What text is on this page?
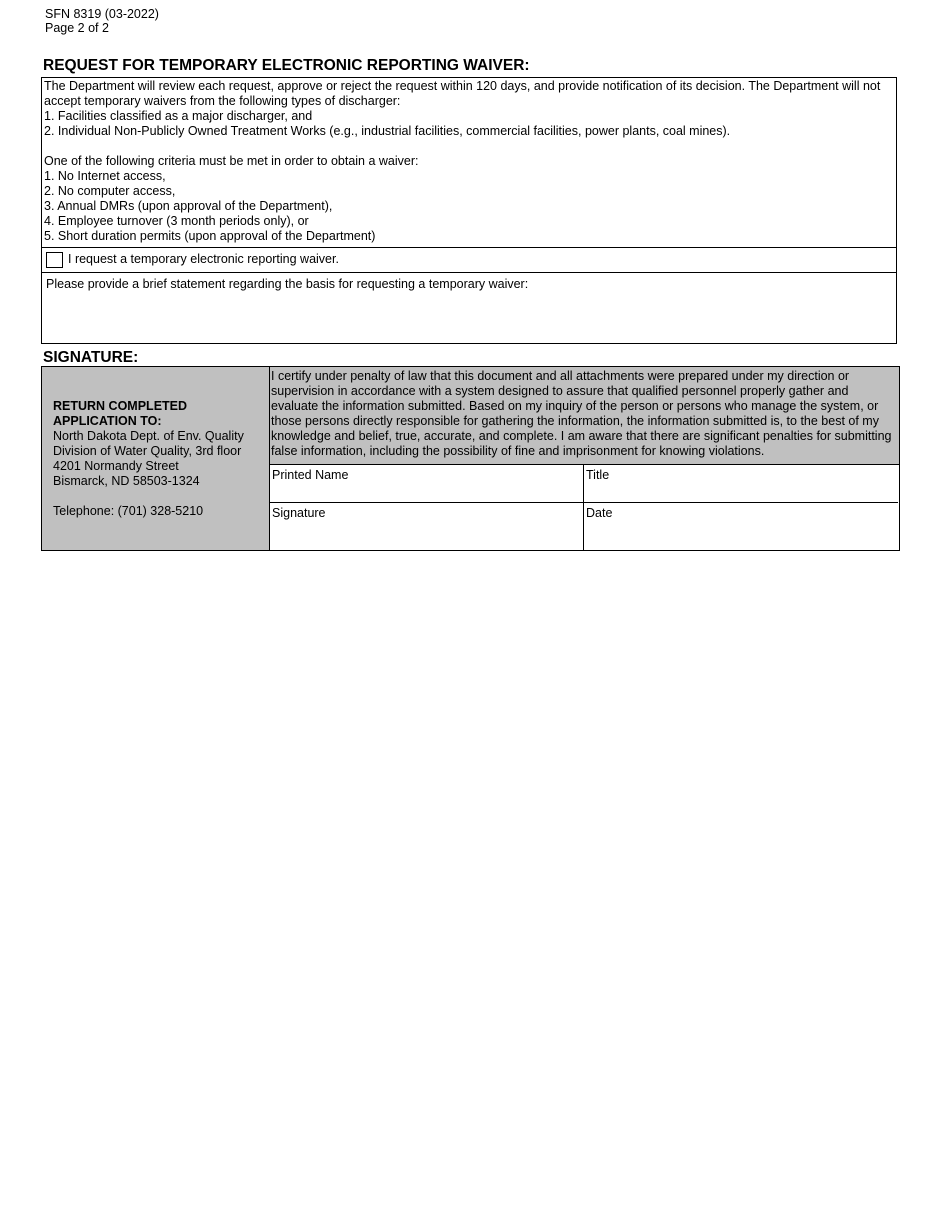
SFN 8319 (03-2022)
Page 2 of 2
REQUEST FOR TEMPORARY ELECTRONIC REPORTING WAIVER:
The Department will review each request, approve or reject the request within 120 days, and provide notification of its decision. The Department will not
accept temporary waivers from the following types of discharger:
1. Facilities classified as a major discharger, and
2. Individual Non-Publicly Owned Treatment Works (e.g., industrial facilities, commercial facilities, power plants, coal mines).
One of the following criteria must be met in order to obtain a waiver:
1. No Internet access,
2. No computer access,
3. Annual DMRs (upon approval of the Department),
4. Employee turnover (3 month periods only), or
5. Short duration permits (upon approval of the Department)
I request a temporary electronic reporting waiver.
Please provide a brief statement regarding the basis for requesting a temporary waiver:
SIGNATURE:
RETURN COMPLETED
APPLICATION TO:
North Dakota Dept. of Env. Quality
Division of Water Quality, 3rd floor
4201 Normandy Street
Bismarck, ND 58503-1324
Telephone: (701) 328-5210
I certify under penalty of law that this document and all attachments were prepared under my direction or
supervision in accordance with a system designed to assure that qualified personnel properly gather and
evaluate the information submitted. Based on my inquiry of the person or persons who manage the system, or
those persons directly responsible for gathering the information, the information submitted is, to the best of my
knowledge and belief, true, accurate, and complete. I am aware that there are significant penalties for submitting
false information, including the possibility of fine and imprisonment for knowing violations.
Printed Name	Title
Signature	Date
